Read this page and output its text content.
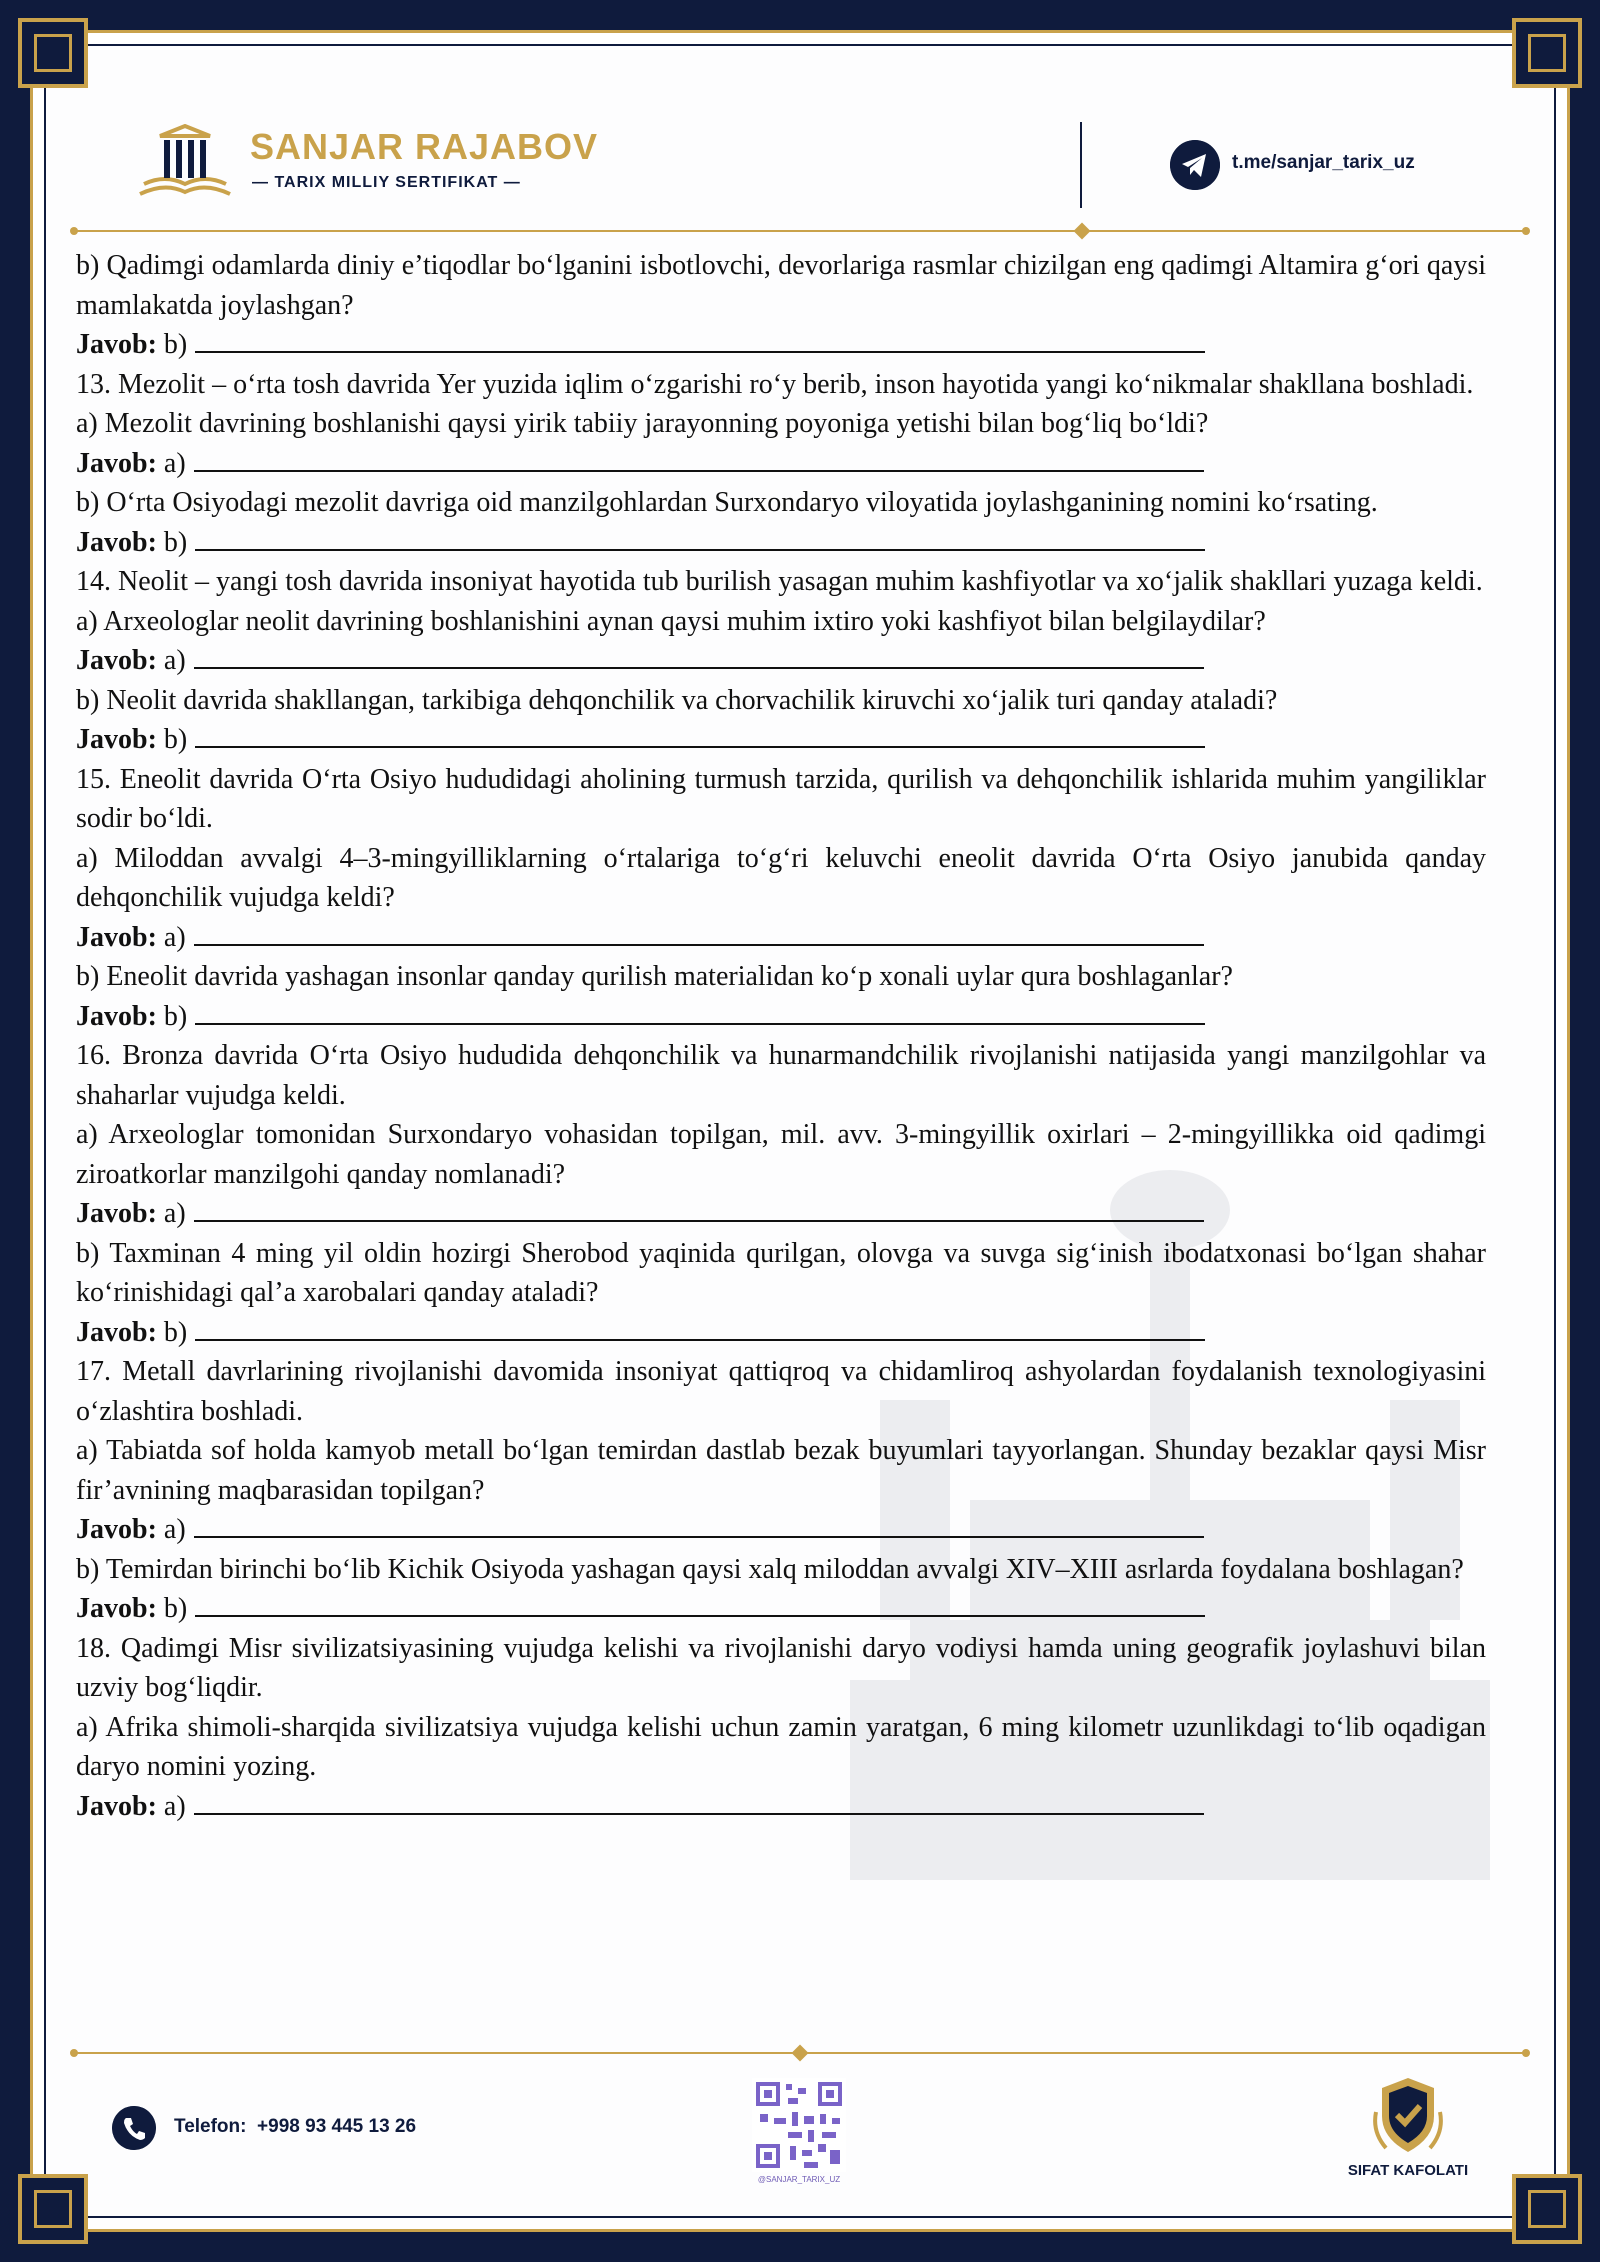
SANJAR RAJABOV
— TARIX MILLIY SERTIFIKAT —
t.me/sanjar_tarix_uz

b) Qadimgi odamlarda diniy e’tiqodlar bo‘lganini isbotlovchi, devorlariga rasmlar chizilgan eng qadimgi Altamira g‘ori qaysi mamlakatda joylashgan?

Javob: b)

13. Mezolit – o‘rta tosh davrida Yer yuzida iqlim o‘zgarishi ro‘y berib, inson hayotida yangi ko‘nikmalar shakllana boshladi.

a) Mezolit davrining boshlanishi qaysi yirik tabiiy jarayonning poyoniga yetishi bilan bog‘liq bo‘ldi?

Javob: a)

b) O‘rta Osiyodagi mezolit davriga oid manzilgohlardan Surxondaryo viloyatida joylashganining nomini ko‘rsating.

Javob: b)

14. Neolit – yangi tosh davrida insoniyat hayotida tub burilish yasagan muhim kashfiyotlar va xo‘jalik shakllari yuzaga keldi.

a) Arxeologlar neolit davrining boshlanishini aynan qaysi muhim ixtiro yoki kashfiyot bilan belgilaydilar?

Javob: a)

b) Neolit davrida shakllangan, tarkibiga dehqonchilik va chorvachilik kiruvchi xo‘jalik turi qanday ataladi?

Javob: b)

15. Eneolit davrida O‘rta Osiyo hududidagi aholining turmush tarzida, qurilish va dehqonchilik ishlarida muhim yangiliklar sodir bo‘ldi.

a) Miloddan avvalgi 4–3-mingyilliklarning o‘rtalariga to‘g‘ri keluvchi eneolit davrida O‘rta Osiyo janubida qanday dehqonchilik vujudga keldi?

Javob: a)

b) Eneolit davrida yashagan insonlar qanday qurilish materialidan ko‘p xonali uylar qura boshlaganlar?

Javob: b)

16. Bronza davrida O‘rta Osiyo hududida dehqonchilik va hunarmandchilik rivojlanishi natijasida yangi manzilgohlar va shaharlar vujudga keldi.

a) Arxeologlar tomonidan Surxondaryo vohasidan topilgan, mil. avv. 3-mingyillik oxirlari – 2-mingyillikka oid qadimgi ziroatkorlar manzilgohi qanday nomlanadi?

Javob: a)

b) Taxminan 4 ming yil oldin hozirgi Sherobod yaqinida qurilgan, olovga va suvga sig‘inish ibodatxonasi bo‘lgan shahar ko‘rinishidagi qal’a xarobalari qanday ataladi?

Javob: b)

17. Metall davrlarining rivojlanishi davomida insoniyat qattiqroq va chidamliroq ashyolardan foydalanish texnologiyasini o‘zlashtira boshladi.

a) Tabiatda sof holda kamyob metall bo‘lgan temirdan dastlab bezak buyumlari tayyorlangan. Shunday bezaklar qaysi Misr fir’avnining maqbarasidan topilgan?

Javob: a)

b) Temirdan birinchi bo‘lib Kichik Osiyoda yashagan qaysi xalq miloddan avvalgi XIV–XIII asrlarda foydalana boshlagan?

Javob: b)

18. Qadimgi Misr sivilizatsiyasining vujudga kelishi va rivojlanishi daryo vodiysi hamda uning geografik joylashuvi bilan uzviy bog‘liqdir.

a) Afrika shimoli-sharqida sivilizatsiya vujudga kelishi uchun zamin yaratgan, 6 ming kilometr uzunlikdagi to‘lib oqadigan daryo nomini yozing.

Javob: a)
Telefon: +998 93 445 13 26
@SANJAR_TARIX_UZ
SIFAT KAFOLATI
